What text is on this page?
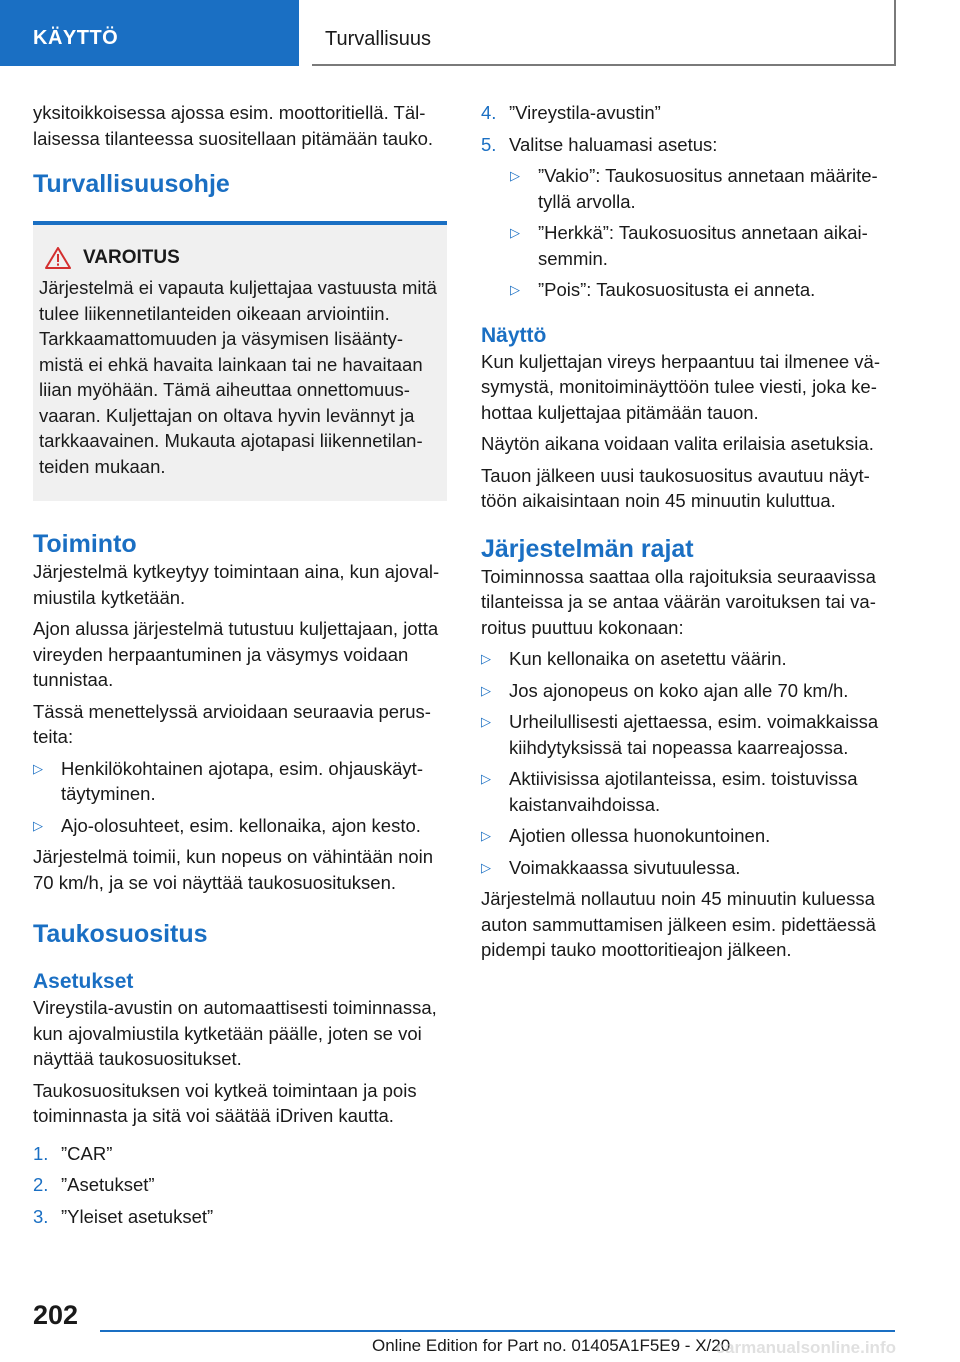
KÄYTTÖ	Turvallisuus

yksitoikkoisessa ajossa esim. moottoritiellä. Tällaisessa tilanteessa suositellaan pitämään tauko.

Turvallisuusohje
VAROITUS

Järjestelmä ei vapauta kuljettajaa vastuusta mitä tulee liikennetilanteiden oikeaan arviointiin. Tarkkaamattomuuden ja väsymisen lisääntymistä ei ehkä havaita lainkaan tai ne havaitaan liian myöhään. Tämä aiheuttaa onnettomuusvaaran. Kuljettajan on oltava hyvin levännyt ja tarkkaavainen. Mukauta ajotapasi liikennetilanteiden mukaan.

Toiminto

Järjestelmä kytkeytyy toimintaan aina, kun ajovalmiustila kytketään.

Ajon alussa järjestelmä tutustuu kuljettajaan, jotta vireyden herpaantuminen ja väsymys voidaan tunnistaa.

Tässä menettelyssä arvioidaan seuraavia perusteita:

▷ Henkilökohtainen ajotapa, esim. ohjauskäyttäytyminen.
▷ Ajo-olosuhteet, esim. kellonaika, ajon kesto.

Järjestelmä toimii, kun nopeus on vähintään noin 70 km/h, ja se voi näyttää taukosuosituksen.

Taukosuositus
Asetukset

Vireystila-avustin on automaattisesti toiminnassa, kun ajovalmiustila kytketään päälle, joten se voi näyttää taukosuositukset.

Taukosuosituksen voi kytkeä toimintaan ja pois toiminnasta ja sitä voi säätää iDriven kautta.

1. ”CAR”
2. ”Asetukset”
3. ”Yleiset asetukset”
4. ”Vireystila-avustin”
5. Valitse haluamasi asetus:
▷ ”Vakio”: Taukosuositus annetaan määritetyllä arvolla.
▷ ”Herkkä”: Taukosuositus annetaan aikaisemmin.
▷ ”Pois”: Taukosuositusta ei anneta.
Näyttö

Kun kuljettajan vireys herpaantuu tai ilmenee väsymystä, monitoiminäyttöön tulee viesti, joka kehottaa kuljettajaa pitämään tauon.

Näytön aikana voidaan valita erilaisia asetuksia.

Tauon jälkeen uusi taukosuositus avautuu näyttöön aikaisintaan noin 45 minuutin kuluttua.

Järjestelmän rajat

Toiminnossa saattaa olla rajoituksia seuraavissa tilanteissa ja se antaa väärän varoituksen tai varoitus puuttuu kokonaan:

▷ Kun kellonaika on asetettu väärin.
▷ Jos ajonopeus on koko ajan alle 70 km/h.
▷ Urheilullisesti ajettaessa, esim. voimakkaissa kiihdytyksissä tai nopeassa kaarreajossa.
▷ Aktiivisissa ajotilanteissa, esim. toistuvissa kaistanvaihdoissa.
▷ Ajotien ollessa huonokuntoinen.
▷ Voimakkaassa sivutuulessa.

Järjestelmä nollautuu noin 45 minuutin kuluessa auton sammuttamisen jälkeen esim. pidettäessä pidempi tauko moottoritieajon jälkeen.

202
Online Edition for Part no. 01405A1F5E9 - X/20
carmanualsonline.info
